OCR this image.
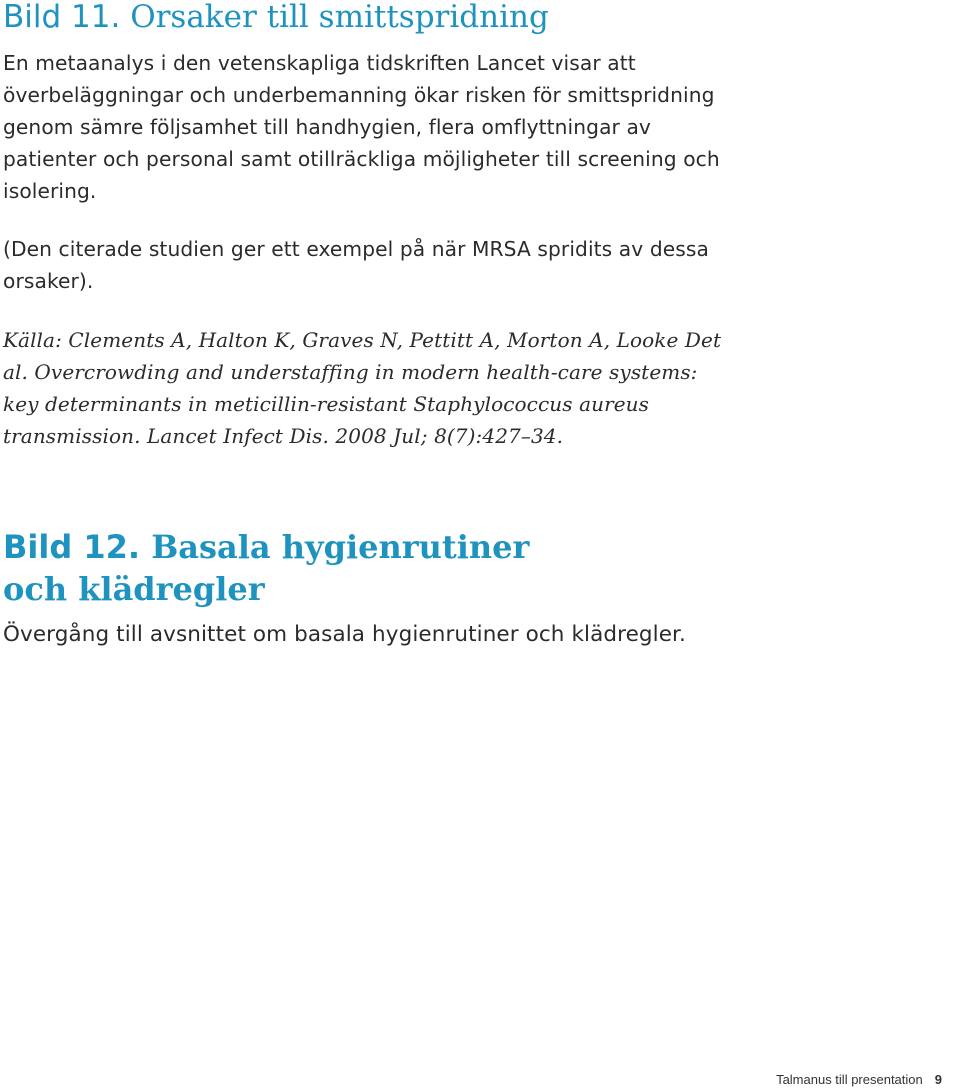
Bild 11. Orsaker till smittspridning

En metaanalys i den vetenskapliga tidskriften Lancet visar att överbeläggningar och underbemanning ökar risken för smittspridning genom sämre följsamhet till handhygien, flera omflyttningar av patienter och personal samt otillräckliga möjligheter till screening och isolering.

(Den citerade studien ger ett exempel på när MRSA spridits av dessa orsaker).

Källa: Clements A, Halton K, Graves N, Pettitt A, Morton A, Looke Det al. Overcrowding and understaffing in modern health-care systems: key determinants in meticillin-resistant Staphylococcus aureus transmission. Lancet Infect Dis. 2008 Jul; 8(7):427–34.

Bild 12. Basala hygienrutiner och klädregler

Övergång till avsnittet om basala hygienrutiner och klädregler.

Talmanus till presentation 9
